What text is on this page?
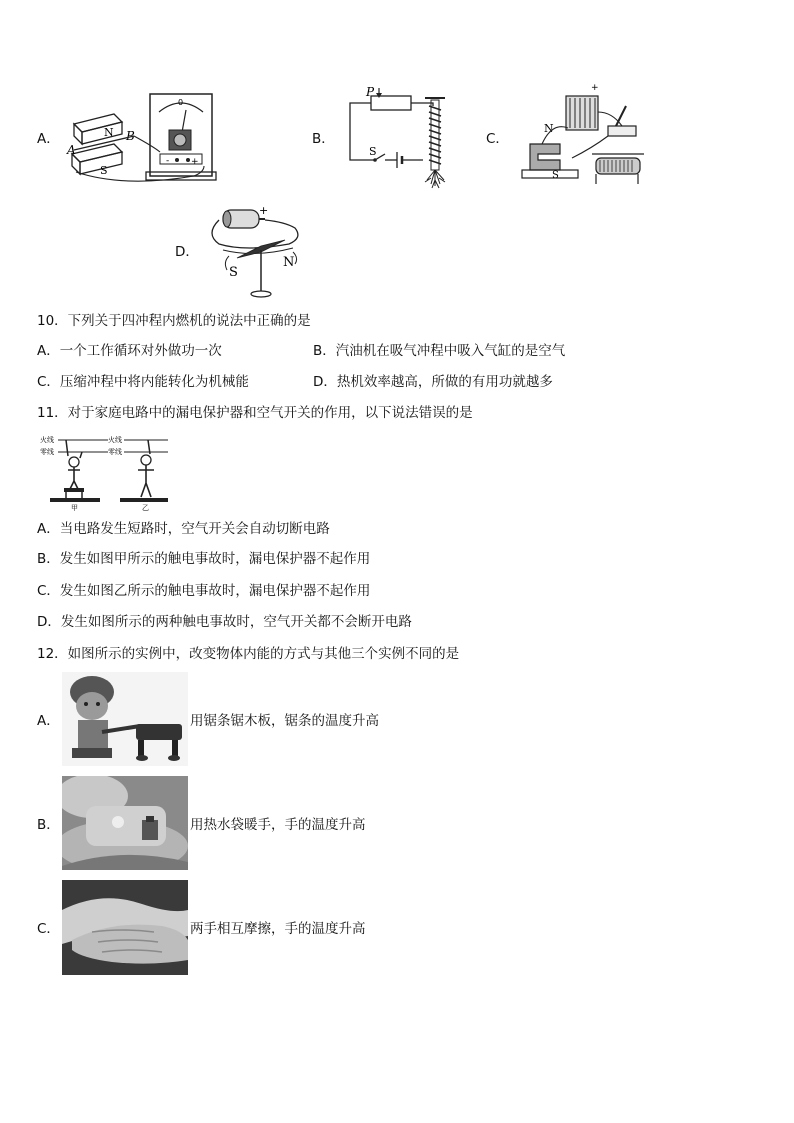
A．	N B
A
S
0
- +
B．
P
S
C．
+
N
S
D．
+
S
N
10．下列关于四冲程内燃机的说法中正确的是
A．一个工作循环对外做功一次	B．汽油机在吸气冲程中吸入气缸的是空气
C．压缩冲程中将内能转化为机械能	D．热机效率越高，所做的有用功就越多
11．对于家庭电路中的漏电保护器和空气开关的作用，以下说法错误的是
火线
零线
火线
零线
甲	乙
A．当电路发生短路时，空气开关会自动切断电路
B．发生如图甲所示的触电事故时，漏电保护器不起作用
C．发生如图乙所示的触电事故时，漏电保护器不起作用
D．发生如图所示的两种触电事故时，空气开关都不会断开电路
12．如图所示的实例中，改变物体内能的方式与其他三个实例不同的是
A．	用锯条锯木板，锯条的温度升高
B．	用热水袋暖手，手的温度升高
C．	两手相互摩擦，手的温度升高
